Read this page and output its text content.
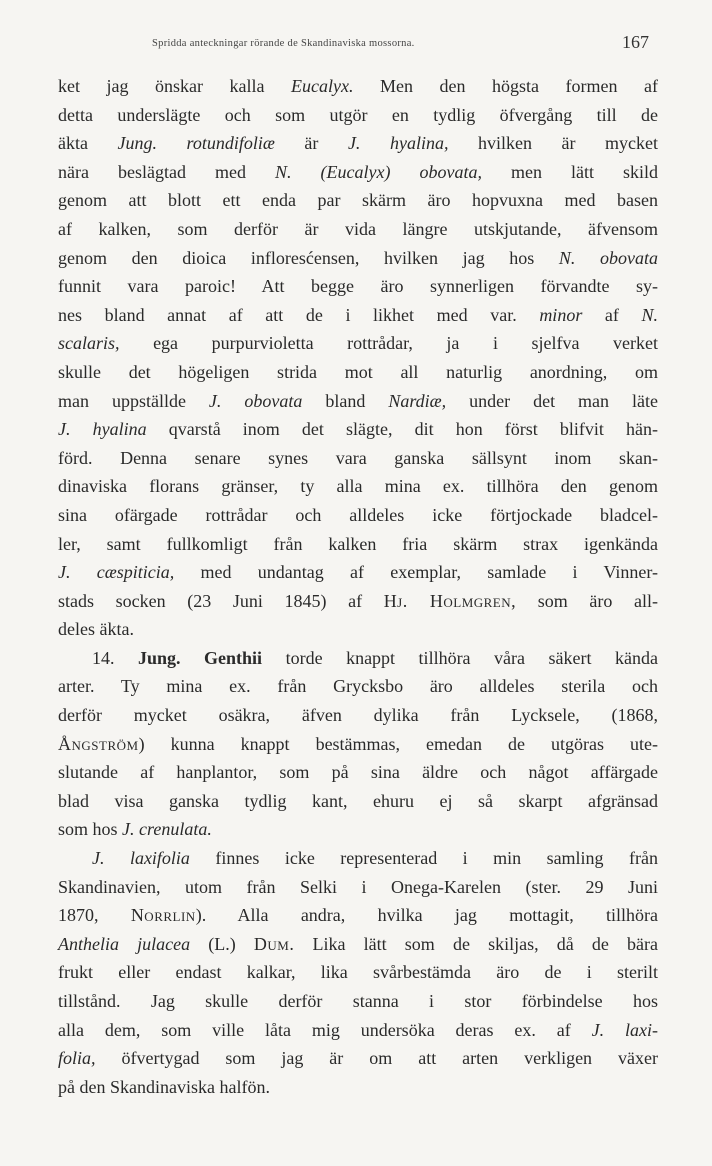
Spridda anteckningar rörande de Skandinaviska mossorna.	167
ket jag önskar kalla Eucalyx. Men den högsta formen af
detta underslägte och som utgör en tydlig öfvergång till de
äkta Jung. rotundifoliæ är J. hyalina, hvilken är mycket
nära beslägtad med N. (Eucalyx) obovata, men lätt skild
genom att blott ett enda par skärm äro hopvuxna med basen
af kalken, som derför är vida längre utskjutande, äfvensom
genom den dioica infloresćensen, hvilken jag hos N. obovata
funnit vara paroic! Att begge äro synnerligen förvandte sy-
nes bland annat af att de i likhet med var. minor af N.
scalaris, ega purpurvioletta rottrådar, ja i sjelfva verket
skulle det högeligen strida mot all naturlig anordning, om
man uppställde J. obovata bland Nardiæ, under det man läte
J. hyalina qvarstå inom det slägte, dit hon först blifvit hän-
förd. Denna senare synes vara ganska sällsynt inom skan-
dinaviska florans gränser, ty alla mina ex. tillhöra den genom
sina ofärgade rottrådar och alldeles icke förtjockade bladcel-
ler, samt fullkomligt från kalken fria skärm strax igenkända
J. cæspiticia, med undantag af exemplar, samlade i Vinner-
stads socken (23 Juni 1845) af Hj. Holmgren, som äro all-
deles äkta.
14. Jung. Genthii torde knappt tillhöra våra säkert kända
arter. Ty mina ex. från Grycksbo äro alldeles sterila och
derför mycket osäkra, äfven dylika från Lycksele, (1868,
Ångström) kunna knappt bestämmas, emedan de utgöras ute-
slutande af hanplantor, som på sina äldre och något affärgade
blad visa ganska tydlig kant, ehuru ej så skarpt afgränsad
som hos J. crenulata.
J. laxifolia finnes icke representerad i min samling från
Skandinavien, utom från Selki i Onega-Karelen (ster. 29 Juni
1870, Norrlin). Alla andra, hvilka jag mottagit, tillhöra
Anthelia julacea (L.) Dum. Lika lätt som de skiljas, då de bära
frukt eller endast kalkar, lika svårbestämda äro de i sterilt
tillstånd. Jag skulle derför stanna i stor förbindelse hos
alla dem, som ville låta mig undersöka deras ex. af J. laxi-
folia, öfvertygad som jag är om att arten verkligen växer
på den Skandinaviska halfön.
